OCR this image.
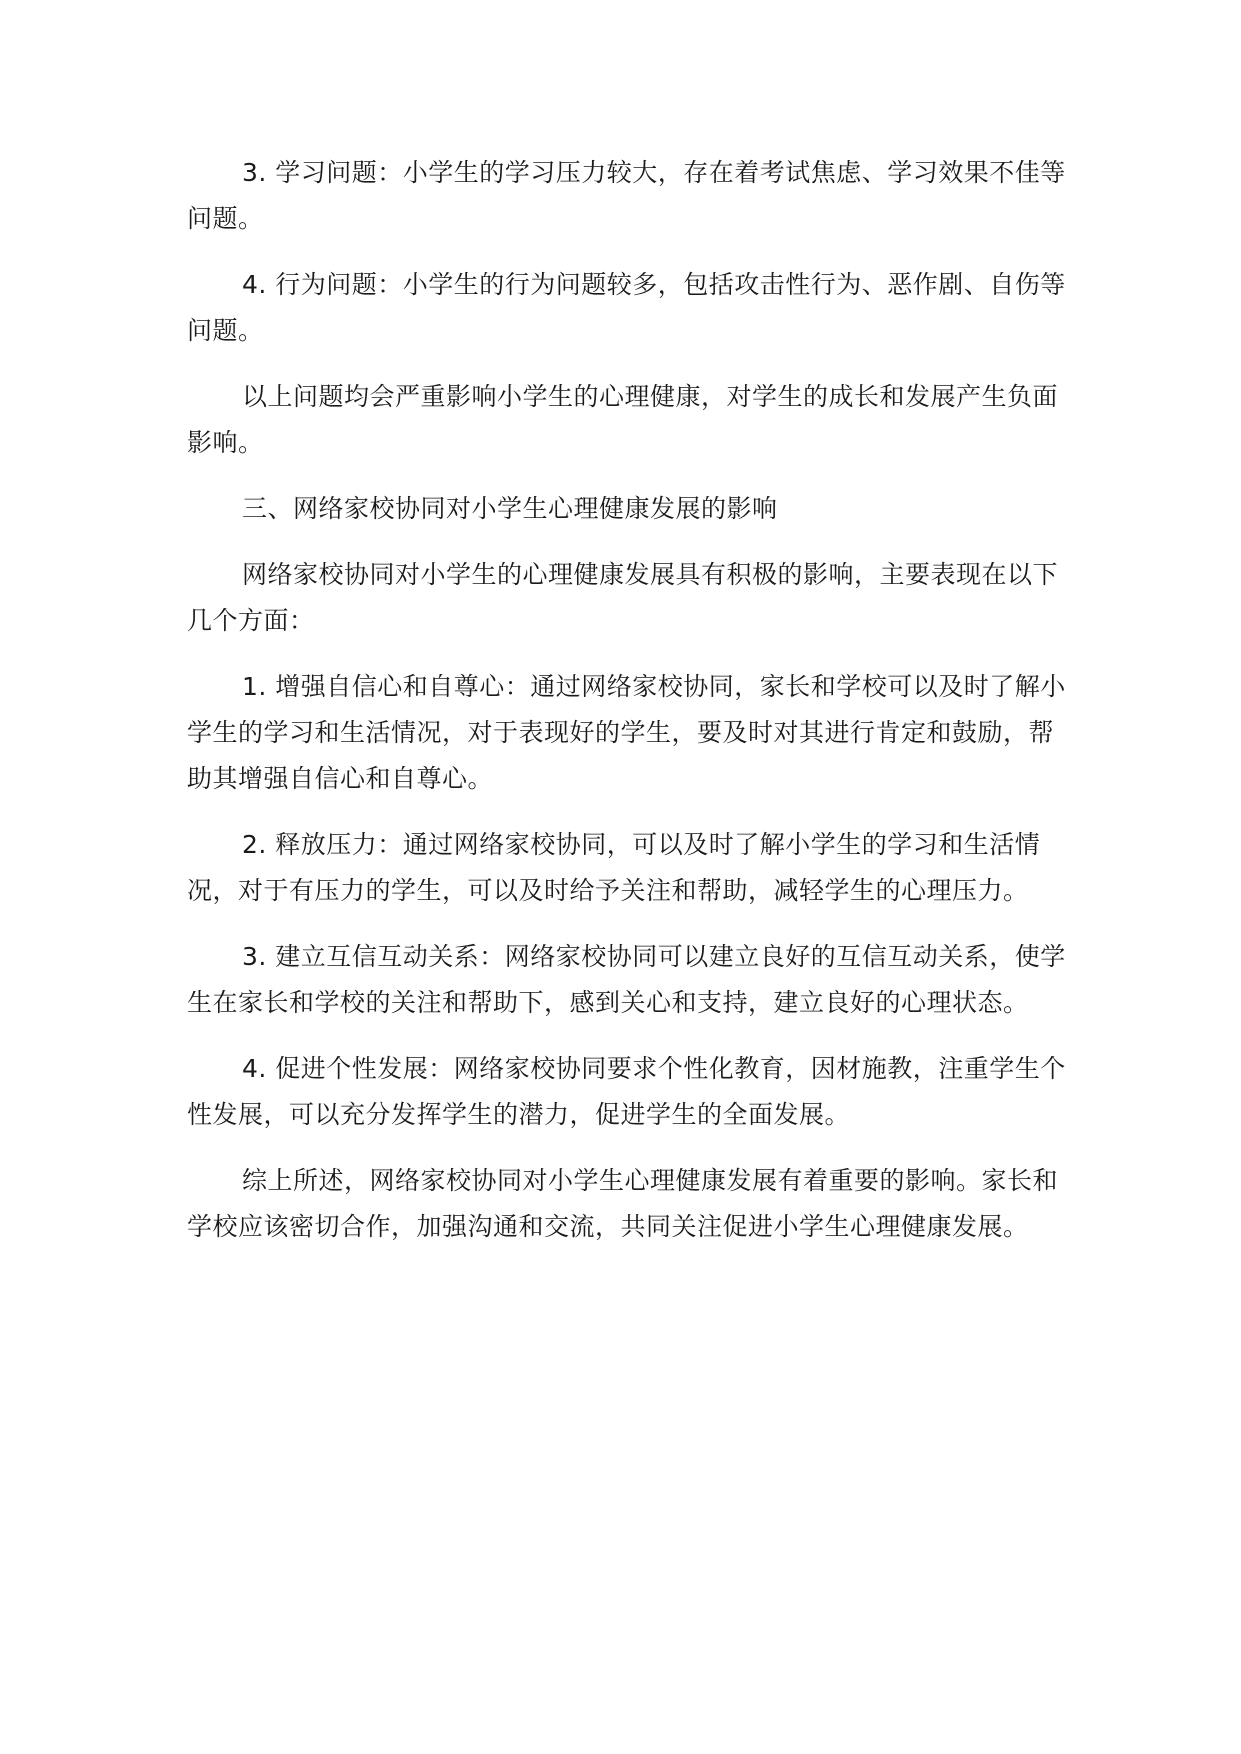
3. 学习问题：小学生的学习压力较大，存在着考试焦虑、学习效果不佳等问题。

4. 行为问题：小学生的行为问题较多，包括攻击性行为、恶作剧、自伤等问题。

以上问题均会严重影响小学生的心理健康，对学生的成长和发展产生负面影响。

三、网络家校协同对小学生心理健康发展的影响

网络家校协同对小学生的心理健康发展具有积极的影响，主要表现在以下几个方面：

1. 增强自信心和自尊心：通过网络家校协同，家长和学校可以及时了解小学生的学习和生活情况，对于表现好的学生，要及时对其进行肯定和鼓励，帮助其增强自信心和自尊心。

2. 释放压力：通过网络家校协同，可以及时了解小学生的学习和生活情况，对于有压力的学生，可以及时给予关注和帮助，减轻学生的心理压力。

3. 建立互信互动关系：网络家校协同可以建立良好的互信互动关系，使学生在家长和学校的关注和帮助下，感到关心和支持，建立良好的心理状态。

4. 促进个性发展：网络家校协同要求个性化教育，因材施教，注重学生个性发展，可以充分发挥学生的潜力，促进学生的全面发展。

综上所述，网络家校协同对小学生心理健康发展有着重要的影响。家长和学校应该密切合作，加强沟通和交流，共同关注促进小学生心理健康发展。
